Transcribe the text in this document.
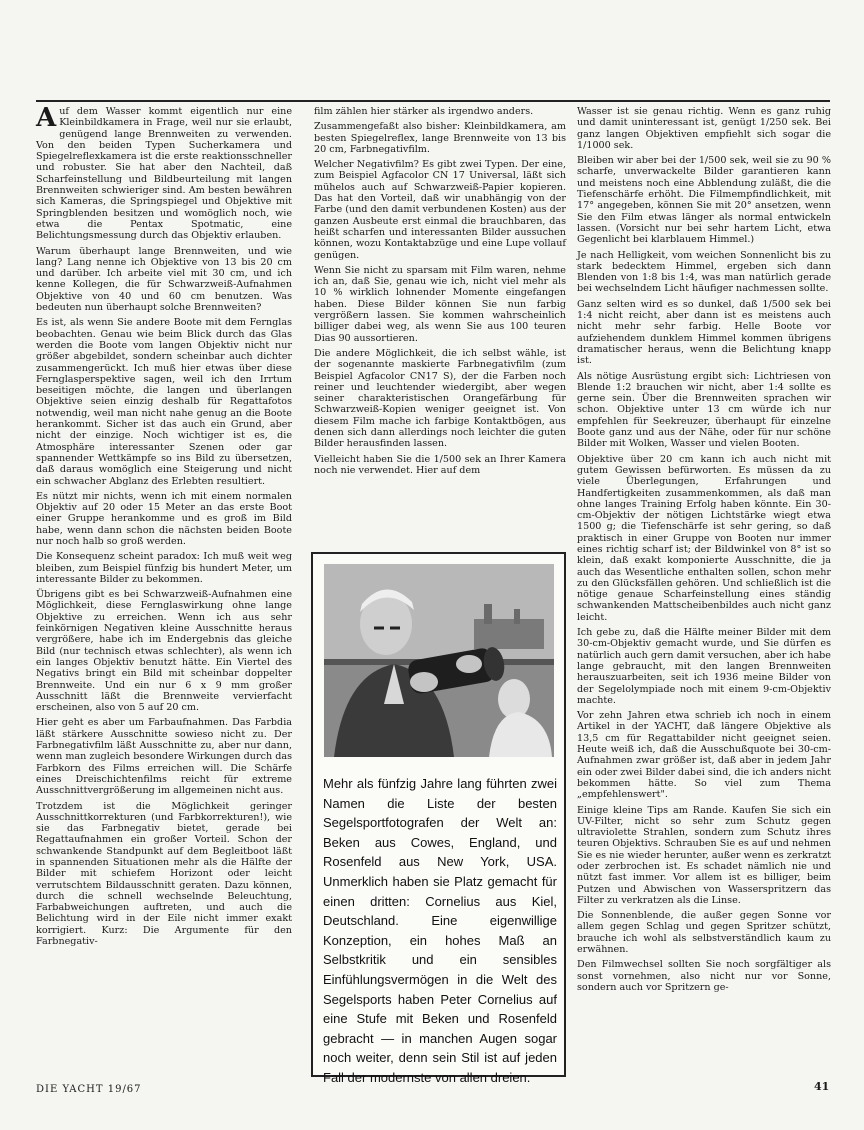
Auf dem Wasser kommt eigentlich nur eine Kleinbildkamera in Frage, weil nur sie erlaubt, genügend lange Brennweiten zu verwenden. Von den beiden Typen Sucherkamera und Spiegelreflexkamera ist die erste reaktionsschneller und robuster. Sie hat aber den Nachteil, daß Scharfeinstellung und Bildbeurteilung mit langen Brennweiten schwieriger sind. Am besten bewähren sich Kameras, die Springspiegel und Objektive mit Springblenden besitzen und womöglich noch, wie etwa die Pentax Spotmatic, eine Belichtungsmessung durch das Objektiv erlauben.

Warum überhaupt lange Brennweiten, und wie lang? Lang nenne ich Objektive von 13 bis 20 cm und darüber. Ich arbeite viel mit 30 cm, und ich kenne Kollegen, die für Schwarzweiß-Aufnahmen Objektive von 40 und 60 cm benutzen. Was bedeuten nun überhaupt solche Brennweiten?

Es ist, als wenn Sie andere Boote mit dem Fernglas beobachten. Genau wie beim Blick durch das Glas werden die Boote vom langen Objektiv nicht nur größer abgebildet, sondern scheinbar auch dichter zusammengerückt. Ich muß hier etwas über diese Fernglasperspektive sagen, weil ich den Irrtum beseitigen möchte, die langen und überlangen Objektive seien einzig deshalb für Regattafotos notwendig, weil man nicht nahe genug an die Boote herankommt. Sicher ist das auch ein Grund, aber nicht der einzige. Noch wichtiger ist es, die Atmosphäre interessanter Szenen oder gar spannender Wettkämpfe so ins Bild zu übersetzen, daß daraus womöglich eine Steigerung und nicht ein schwacher Abglanz des Erlebten resultiert.

Es nützt mir nichts, wenn ich mit einem normalen Objektiv auf 20 oder 15 Meter an das erste Boot einer Gruppe herankomme und es groß im Bild habe, wenn dann schon die nächsten beiden Boote nur noch halb so groß werden.

Die Konsequenz scheint paradox: Ich muß weit weg bleiben, zum Beispiel fünfzig bis hundert Meter, um interessante Bilder zu bekommen.

Übrigens gibt es bei Schwarzweiß-Aufnahmen eine Möglichkeit, diese Fernglaswirkung ohne lange Objektive zu erreichen. Wenn ich aus sehr feinkörnigen Negativen kleine Ausschnitte heraus vergrößere, habe ich im Endergebnis das gleiche Bild (nur technisch etwas schlechter), als wenn ich ein langes Objektiv benutzt hätte. Ein Viertel des Negativs bringt ein Bild mit scheinbar doppelter Brennweite. Und ein nur 6 x 9 mm großer Ausschnitt läßt die Brennweite vervierfacht erscheinen, also von 5 auf 20 cm.

Hier geht es aber um Farbaufnahmen. Das Farbdia läßt stärkere Ausschnitte sowieso nicht zu. Der Farbnegativfilm läßt Ausschnitte zu, aber nur dann, wenn man zugleich besondere Wirkungen durch das Farbkorn des Films erreichen will. Die Schärfe eines Dreischichtenfilms reicht für extreme Ausschnittvergrößerung im allgemeinen nicht aus.

Trotzdem ist die Möglichkeit geringer Ausschnittkorrekturen (und Farbkorrekturen!), wie sie das Farbnegativ bietet, gerade bei Regattaufnahmen ein großer Vorteil. Schon der schwankende Standpunkt auf dem Begleitboot läßt in spannenden Situationen mehr als die Hälfte der Bilder mit schiefem Horizont oder leicht verrutschtem Bildausschnitt geraten. Dazu können, durch die schnell wechselnde Beleuchtung, Farbabweichungen auftreten, und auch die Belichtung wird in der Eile nicht immer exakt korrigiert. Kurz: Die Argumente für den Farbnegativ-

film zählen hier stärker als irgendwo anders.

Zusammengefaßt also bisher: Kleinbildkamera, am besten Spiegelreflex, lange Brennweite von 13 bis 20 cm, Farbnegativfilm.

Welcher Negativfilm? Es gibt zwei Typen. Der eine, zum Beispiel Agfacolor CN 17 Universal, läßt sich mühelos auch auf Schwarzweiß-Papier kopieren. Das hat den Vorteil, daß wir unabhängig von der Farbe (und den damit verbundenen Kosten) aus der ganzen Ausbeute erst einmal die brauchbaren, das heißt scharfen und interessanten Bilder aussuchen können, wozu Kontaktabzüge und eine Lupe vollauf genügen.

Wenn Sie nicht zu sparsam mit Film waren, nehme ich an, daß Sie, genau wie ich, nicht viel mehr als 10 % wirklich lohnender Momente eingefangen haben. Diese Bilder können Sie nun farbig vergrößern lassen. Sie kommen wahrscheinlich billiger dabei weg, als wenn Sie aus 100 teuren Dias 90 aussortieren.

Die andere Möglichkeit, die ich selbst wähle, ist der sogenannte maskierte Farbnegativfilm (zum Beispiel Agfacolor CN17 S), der die Farben noch reiner und leuchtender wiedergibt, aber wegen seiner charakteristischen Orangefärbung für Schwarzweiß-Kopien weniger geeignet ist. Von diesem Film mache ich farbige Kontaktbögen, aus denen sich dann allerdings noch leichter die guten Bilder herausfinden lassen.

Vielleicht haben Sie die 1/500 sek an Ihrer Kamera noch nie verwendet. Hier auf dem

Mehr als fünfzig Jahre lang führten zwei Namen die Liste der besten Segelsportfotografen der Welt an: Beken aus Cowes, England, und Rosenfeld aus New York, USA. Unmerklich haben sie Platz gemacht für einen dritten: Cornelius aus Kiel, Deutschland. Eine eigenwillige Konzeption, ein hohes Maß an Selbstkritik und ein sensibles Einfühlungsvermögen in die Welt des Segelsports haben Peter Cornelius auf eine Stufe mit Beken und Rosenfeld gebracht — in manchen Augen sogar noch weiter, denn sein Stil ist auf jeden Fall der modernste von allen dreien.

Wasser ist sie genau richtig. Wenn es ganz ruhig und damit uninteressant ist, genügt 1/250 sek. Bei ganz langen Objektiven empfiehlt sich sogar die 1/1000 sek.

Bleiben wir aber bei der 1/500 sek, weil sie zu 90 % scharfe, unverwackelte Bilder garantieren kann und meistens noch eine Abblendung zuläßt, die die Tiefenschärfe erhöht. Die Filmempfindlichkeit, mit 17° angegeben, können Sie mit 20° ansetzen, wenn Sie den Film etwas länger als normal entwickeln lassen. (Vorsicht nur bei sehr hartem Licht, etwa Gegenlicht bei klarblauem Himmel.)

Je nach Helligkeit, vom weichen Sonnenlicht bis zu stark bedecktem Himmel, ergeben sich dann Blenden von 1:8 bis 1:4, was man natürlich gerade bei wechselndem Licht häufiger nachmessen sollte.

Ganz selten wird es so dunkel, daß 1/500 sek bei 1:4 nicht reicht, aber dann ist es meistens auch nicht mehr sehr farbig. Helle Boote vor aufziehendem dunklem Himmel kommen übrigens dramatischer heraus, wenn die Belichtung knapp ist.

Als nötige Ausrüstung ergibt sich: Lichtriesen von Blende 1:2 brauchen wir nicht, aber 1:4 sollte es gerne sein. Über die Brennweiten sprachen wir schon. Objektive unter 13 cm würde ich nur empfehlen für Seekreuzer, überhaupt für einzelne Boote ganz und aus der Nähe, oder für nur schöne Bilder mit Wolken, Wasser und vielen Booten.

Objektive über 20 cm kann ich auch nicht mit gutem Gewissen befürworten. Es müssen da zu viele Überlegungen, Erfahrungen und Handfertigkeiten zusammenkommen, als daß man ohne langes Training Erfolg haben könnte. Ein 30-cm-Objektiv der nötigen Lichtstärke wiegt etwa 1500 g; die Tiefenschärfe ist sehr gering, so daß praktisch in einer Gruppe von Booten nur immer eines richtig scharf ist; der Bildwinkel von 8° ist so klein, daß exakt komponierte Ausschnitte, die ja auch das Wesentliche enthalten sollen, schon mehr zu den Glücksfällen gehören. Und schließlich ist die nötige genaue Scharfeinstellung eines ständig schwankenden Mattscheibenbildes auch nicht ganz leicht.

Ich gebe zu, daß die Hälfte meiner Bilder mit dem 30-cm-Objektiv gemacht wurde, und Sie dürfen es natürlich auch gern damit versuchen, aber ich habe lange gebraucht, mit den langen Brennweiten herauszuarbeiten, seit ich 1936 meine Bilder von der Segelolympiade noch mit einem 9-cm-Objektiv machte.

Vor zehn Jahren etwa schrieb ich noch in einem Artikel in der YACHT, daß längere Objektive als 13,5 cm für Regattabilder nicht geeignet seien. Heute weiß ich, daß die Ausschußquote bei 30-cm-Aufnahmen zwar größer ist, daß aber in jedem Jahr ein oder zwei Bilder dabei sind, die ich anders nicht bekommen hätte. So viel zum Thema „empfehlenswert".

Einige kleine Tips am Rande. Kaufen Sie sich ein UV-Filter, nicht so sehr zum Schutz gegen ultraviolette Strahlen, sondern zum Schutz ihres teuren Objektivs. Schrauben Sie es auf und nehmen Sie es nie wieder herunter, außer wenn es zerkratzt oder zerbrochen ist. Es schadet nämlich nie und nützt fast immer. Vor allem ist es billiger, beim Putzen und Abwischen von Wasserspritzern das Filter zu verkratzen als die Linse.

Die Sonnenblende, die außer gegen Sonne vor allem gegen Schlag und gegen Spritzer schützt, brauche ich wohl als selbstverständlich kaum zu erwähnen.

Den Filmwechsel sollten Sie noch sorgfältiger als sonst vornehmen, also nicht nur vor Sonne, sondern auch vor Spritzern ge-

DIE YACHT 19/67	41
